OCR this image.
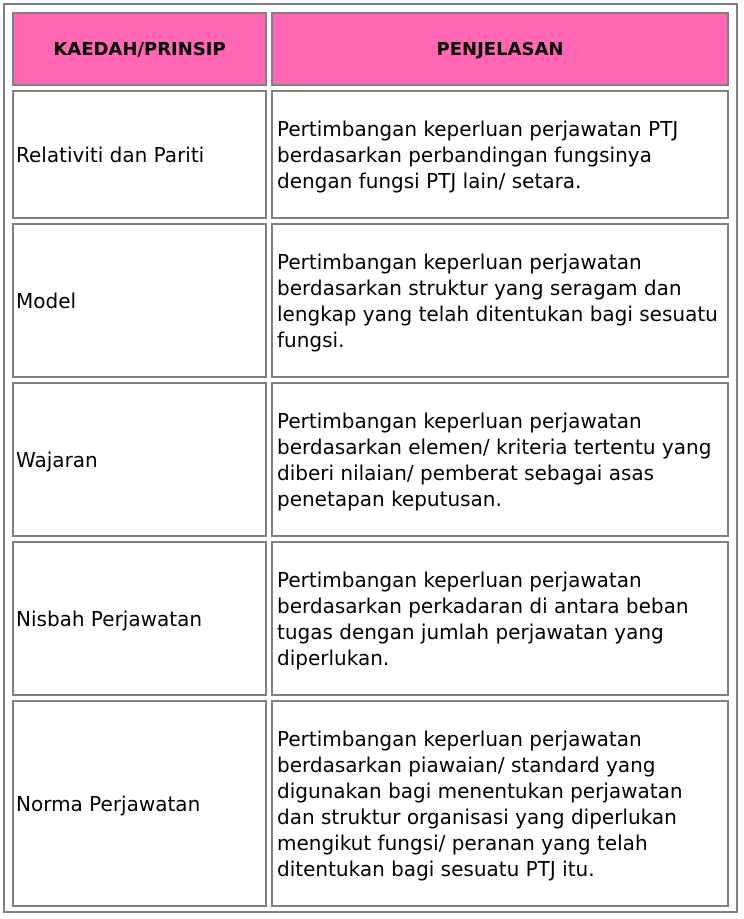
KAEDAH/PRINSIP	PENJELASAN
Relativiti dan Pariti	Pertimbangan keperluan perjawatan PTJ berdasarkan perbandingan fungsinya dengan fungsi PTJ lain/ setara.
Model	Pertimbangan keperluan perjawatan berdasarkan struktur yang seragam dan lengkap yang telah ditentukan bagi sesuatu fungsi.
Wajaran	Pertimbangan keperluan perjawatan berdasarkan elemen/ kriteria tertentu yang diberi nilaian/ pemberat sebagai asas penetapan keputusan.
Nisbah Perjawatan	Pertimbangan keperluan perjawatan berdasarkan perkadaran di antara beban tugas dengan jumlah perjawatan yang diperlukan.
Norma Perjawatan	Pertimbangan keperluan perjawatan berdasarkan piawaian/ standard yang digunakan bagi menentukan perjawatan dan struktur organisasi yang diperlukan mengikut fungsi/ peranan yang telah ditentukan bagi sesuatu PTJ itu.
